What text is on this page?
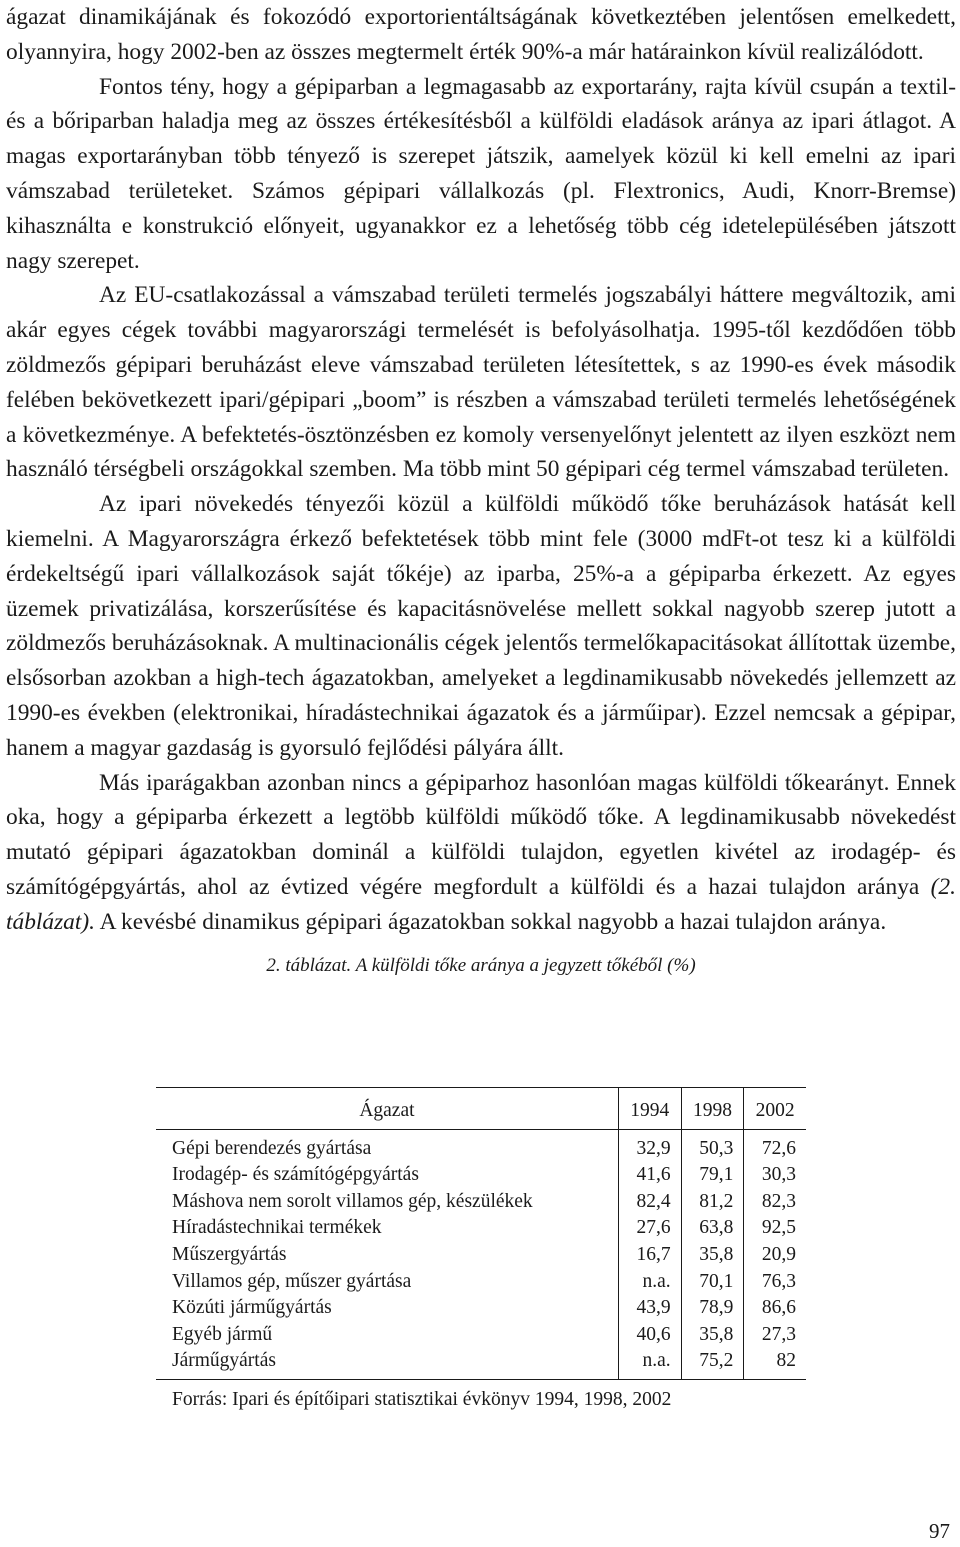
ágazat dinamikájának és fokozódó exportorientáltságának következtében jelentősen emelkedett, olyannyira, hogy 2002-ben az összes megtermelt érték 90%-a már határainkon kívül realizálódott.

Fontos tény, hogy a gépiparban a legmagasabb az exportarány, rajta kívül csupán a textil- és a bőriparban haladja meg az összes értékesítésből a külföldi eladások aránya az ipari átlagot. A magas exportarányban több tényező is szerepet játszik, aamelyek közül ki kell emelni az ipari vámszabad területeket. Számos gépipari vállalkozás (pl. Flextronics, Audi, Knorr-Bremse) kihasználta e konstrukció előnyeit, ugyanakkor ez a lehetőség több cég idetelepülésében játszott nagy szerepet.

Az EU-csatlakozással a vámszabad területi termelés jogszabályi háttere megváltozik, ami akár egyes cégek további magyarországi termelését is befolyásolhatja. 1995-től kezdődően több zöldmezős gépipari beruházást eleve vámszabad területen létesítettek, s az 1990-es évek második felében bekövetkezett ipari/gépipari „boom” is részben a vámszabad területi termelés lehetőségének a következménye. A befektetés-ösztönzésben ez komoly versenyelőnyt jelentett az ilyen eszközt nem használó térségbeli országokkal szemben. Ma több mint 50 gépipari cég termel vámszabad területen.

Az ipari növekedés tényezői közül a külföldi működő tőke beruházások hatását kell kiemelni. A Magyarországra érkező befektetések több mint fele (3000 mdFt-ot tesz ki a külföldi érdekeltségű ipari vállalkozások saját tőkéje) az iparba, 25%-a a gépiparba érkezett. Az egyes üzemek privatizálása, korszerűsítése és kapacitásnövelése mellett sokkal nagyobb szerep jutott a zöldmezős beruházásoknak. A multinacionális cégek jelentős termelőkapacitásokat állítottak üzembe, elsősorban azokban a high-tech ágazatokban, amelyeket a legdinamikusabb növekedés jellemzett az 1990-es években (elektronikai, híradástechnikai ágazatok és a járműipar). Ezzel nemcsak a gépipar, hanem a magyar gazdaság is gyorsuló fejlődési pályára állt.

Más iparágakban azonban nincs a gépiparhoz hasonlóan magas külföldi tőkearányt. Ennek oka, hogy a gépiparba érkezett a legtöbb külföldi működő tőke. A legdinamikusabb növekedést mutató gépipari ágazatokban dominál a külföldi tulajdon, egyetlen kivétel az irodagép- és számítógépgyártás, ahol az évtized végére megfordult a külföldi és a hazai tulajdon aránya (2. táblázat). A kevésbé dinamikus gépipari ágazatokban sokkal nagyobb a hazai tulajdon aránya.

2. táblázat. A külföldi tőke aránya a jegyzett tőkéből (%)

Ágazat	1994	1998	2002
Gépi berendezés gyártása	32,9	50,3	72,6
Irodagép- és számítógépgyártás	41,6	79,1	30,3
Máshova nem sorolt villamos gép, készülékek	82,4	81,2	82,3
Híradástechnikai termékek	27,6	63,8	92,5
Műszergyártás	16,7	35,8	20,9
Villamos gép, műszer gyártása	n.a.	70,1	76,3
Közúti járműgyártás	43,9	78,9	86,6
Egyéb jármű	40,6	35,8	27,3
Járműgyártás	n.a.	75,2	82
Forrás: Ipari és építőipari statisztikai évkönyv 1994, 1998, 2002
97
